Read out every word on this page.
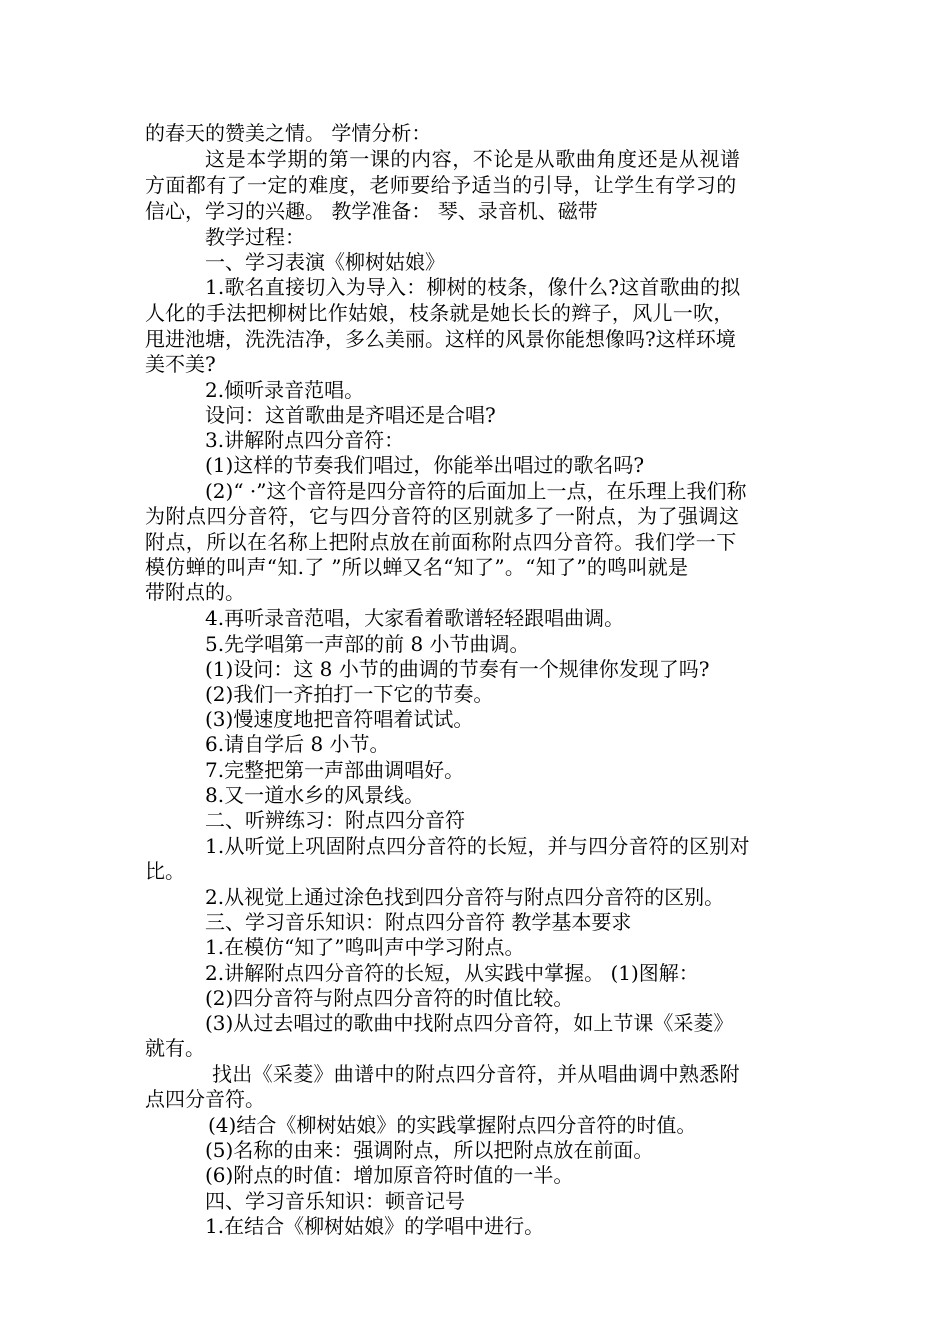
的春天的赞美之情。 学情分析：
这是本学期的第一课的内容，不论是从歌曲角度还是从视谱
方面都有了一定的难度，老师要给予适当的引导，让学生有学习的
信心，学习的兴趣。 教学准备： 琴、录音机、磁带
教学过程：
一、学习表演《柳树姑娘》
1.歌名直接切入为导入：柳树的枝条，像什么?这首歌曲的拟
人化的手法把柳树比作姑娘，枝条就是她长长的辫子，风儿一吹，
甩进池塘，洗洗洁净，多么美丽。这样的风景你能想像吗?这样环境
美不美?
2.倾听录音范唱。
设问：这首歌曲是齐唱还是合唱?
3.讲解附点四分音符：
(1)这样的节奏我们唱过，你能举出唱过的歌名吗?
(2)“ ·”这个音符是四分音符的后面加上一点，在乐理上我们称
为附点四分音符，它与四分音符的区别就多了一附点，为了强调这
附点，所以在名称上把附点放在前面称附点四分音符。我们学一下
模仿蝉的叫声“知.了 ”所以蝉又名“知了”。“知了”的鸣叫就是
带附点的。
4.再听录音范唱，大家看着歌谱轻轻跟唱曲调。
5.先学唱第一声部的前 8 小节曲调。
(1)设问：这 8 小节的曲调的节奏有一个规律你发现了吗?
(2)我们一齐拍打一下它的节奏。
(3)慢速度地把音符唱着试试。
6.请自学后 8 小节。
7.完整把第一声部曲调唱好。
8.又一道水乡的风景线。
二、听辨练习：附点四分音符
1.从听觉上巩固附点四分音符的长短，并与四分音符的区别对
比。
2.从视觉上通过涂色找到四分音符与附点四分音符的区别。
三、学习音乐知识：附点四分音符 教学基本要求
1.在模仿“知了”鸣叫声中学习附点。
2.讲解附点四分音符的长短，从实践中掌握。 (1)图解：
(2)四分音符与附点四分音符的时值比较。
(3)从过去唱过的歌曲中找附点四分音符，如上节课《采菱》
就有。
找出《采菱》曲谱中的附点四分音符，并从唱曲调中熟悉附
点四分音符。
(4)结合《柳树姑娘》的实践掌握附点四分音符的时值。
(5)名称的由来：强调附点，所以把附点放在前面。
(6)附点的时值：增加原音符时值的一半。
四、学习音乐知识：顿音记号
1.在结合《柳树姑娘》的学唱中进行。
